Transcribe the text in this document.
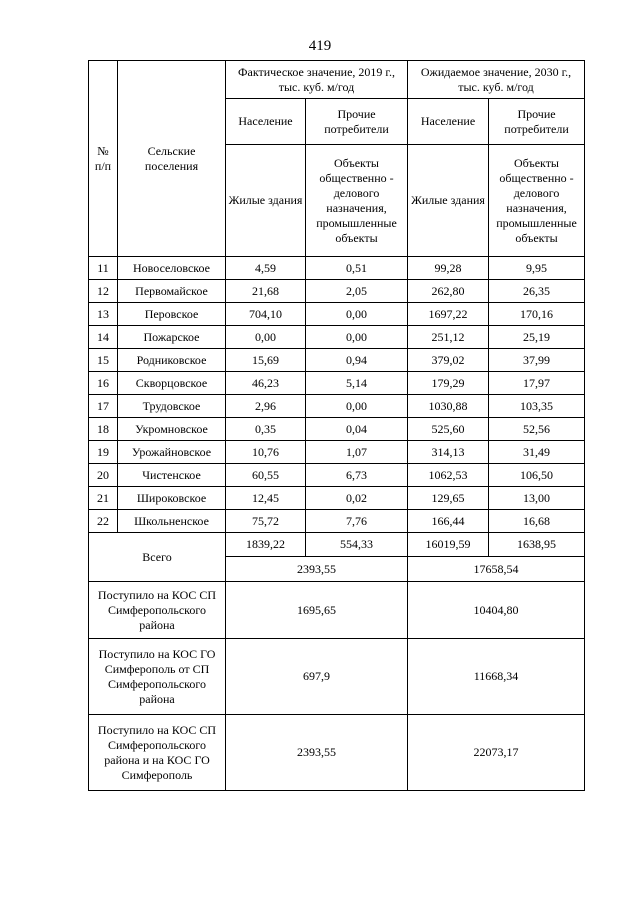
419
№ п/п	Сельские поселения	Фактическое значение, 2019 г., тыс. куб. м/год		Ожидаемое значение, 2030 г., тыс. куб. м/год	
		Население	Прочие потребители	Население	Прочие потребители
		Жилые здания	Объекты общественно - делового назначения, промышленные объекты	Жилые здания	Объекты общественно - делового назначения, промышленные объекты
11	Новоселовское	4,59	0,51	99,28	9,95
12	Первомайское	21,68	2,05	262,80	26,35
13	Перовское	704,10	0,00	1697,22	170,16
14	Пожарское	0,00	0,00	251,12	25,19
15	Родниковское	15,69	0,94	379,02	37,99
16	Скворцовское	46,23	5,14	179,29	17,97
17	Трудовское	2,96	0,00	1030,88	103,35
18	Укромновское	0,35	0,04	525,60	52,56
19	Урожайновское	10,76	1,07	314,13	31,49
20	Чистенское	60,55	6,73	1062,53	106,50
21	Широковское	12,45	0,02	129,65	13,00
22	Школьненское	75,72	7,76	166,44	16,68
Всего		1839,22	554,33	16019,59	1638,95
		2393,55		17658,54	
Поступило на КОС СП Симферопольского района		1695,65		10404,80	
Поступило на КОС ГО Симферополь от СП Симферопольского района		697,9		11668,34	
Поступило на КОС СП Симферопольского района и на КОС ГО Симферополь		2393,55		22073,17	
